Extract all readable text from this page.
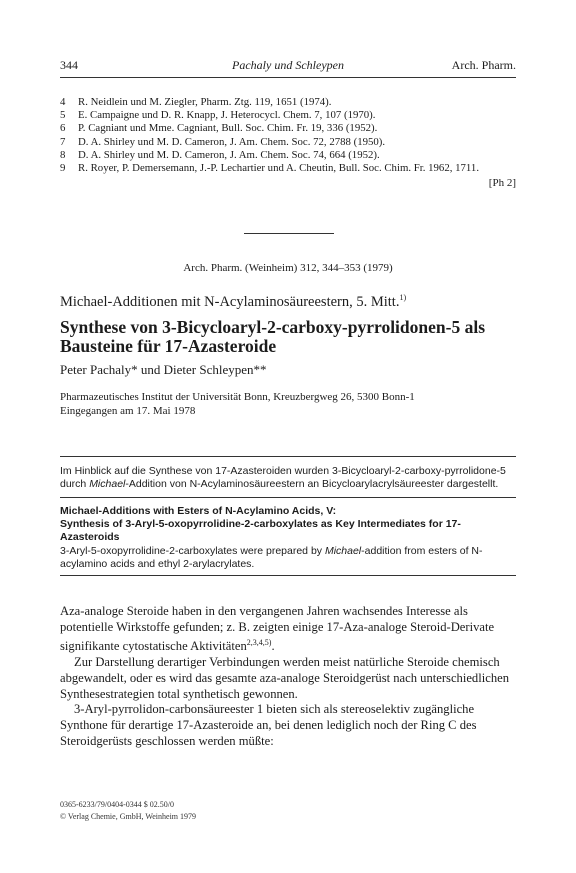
344	Pachaly und Schleypen	Arch. Pharm.
4	R. Neidlein und M. Ziegler, Pharm. Ztg. 119, 1651 (1974).
5	E. Campaigne und D. R. Knapp, J. Heterocycl. Chem. 7, 107 (1970).
6	P. Cagniant und Mme. Cagniant, Bull. Soc. Chim. Fr. 19, 336 (1952).
7	D. A. Shirley und M. D. Cameron, J. Am. Chem. Soc. 72, 2788 (1950).
8	D. A. Shirley und M. D. Cameron, J. Am. Chem. Soc. 74, 664 (1952).
9	R. Royer, P. Demersemann, J.-P. Lechartier und A. Cheutin, Bull. Soc. Chim. Fr. 1962, 1711.
[Ph 2]
Arch. Pharm. (Weinheim) 312, 344–353 (1979)
Michael-Additionen mit N-Acylaminosäureestern, 5. Mitt.$^{1)}$
Synthese von 3-Bicycloaryl-2-carboxy-pyrrolidonen-5 als Bausteine für 17-Azasteroide
Peter Pachaly* und Dieter Schleypen**
Pharmazeutisches Institut der Universität Bonn, Kreuzbergweg 26, 5300 Bonn-1
Eingegangen am 17. Mai 1978
Im Hinblick auf die Synthese von 17-Azasteroiden wurden 3-Bicycloaryl-2-carboxy-pyrrolidone-5 durch Michael-Addition von N-Acylaminosäureestern an Bicycloarylacrylsäureester dargestellt.
Michael-Additions with Esters of N-Acylamino Acids, V:
Synthesis of 3-Aryl-5-oxopyrrolidine-2-carboxylates as Key Intermediates for 17-Azasteroids
3-Aryl-5-oxopyrrolidine-2-carboxylates were prepared by Michael-addition from esters of N-acylamino acids and ethyl 2-arylacrylates.

Aza-analoge Steroide haben in den vergangenen Jahren wachsendes Interesse als potentielle Wirkstoffe gefunden; z. B. zeigten einige 17-Aza-analoge Steroid-Derivate signifikante cytostatische Aktivitäten$^{2,3,4,5)}$.

Zur Darstellung derartiger Verbindungen werden meist natürliche Steroide chemisch abgewandelt, oder es wird das gesamte aza-analoge Steroidgerüst nach unterschiedlichen Synthesestrategien total synthetisch gewonnen.

3-Aryl-pyrrolidon-carbonsäureester 1 bieten sich als stereoselektiv zugängliche Synthone für derartige 17-Azasteroide an, bei denen lediglich noch der Ring C des Steroidgerüsts geschlossen werden müßte:

0365-6233/79/0404-0344 $ 02.50/0
© Verlag Chemie, GmbH, Weinheim 1979
